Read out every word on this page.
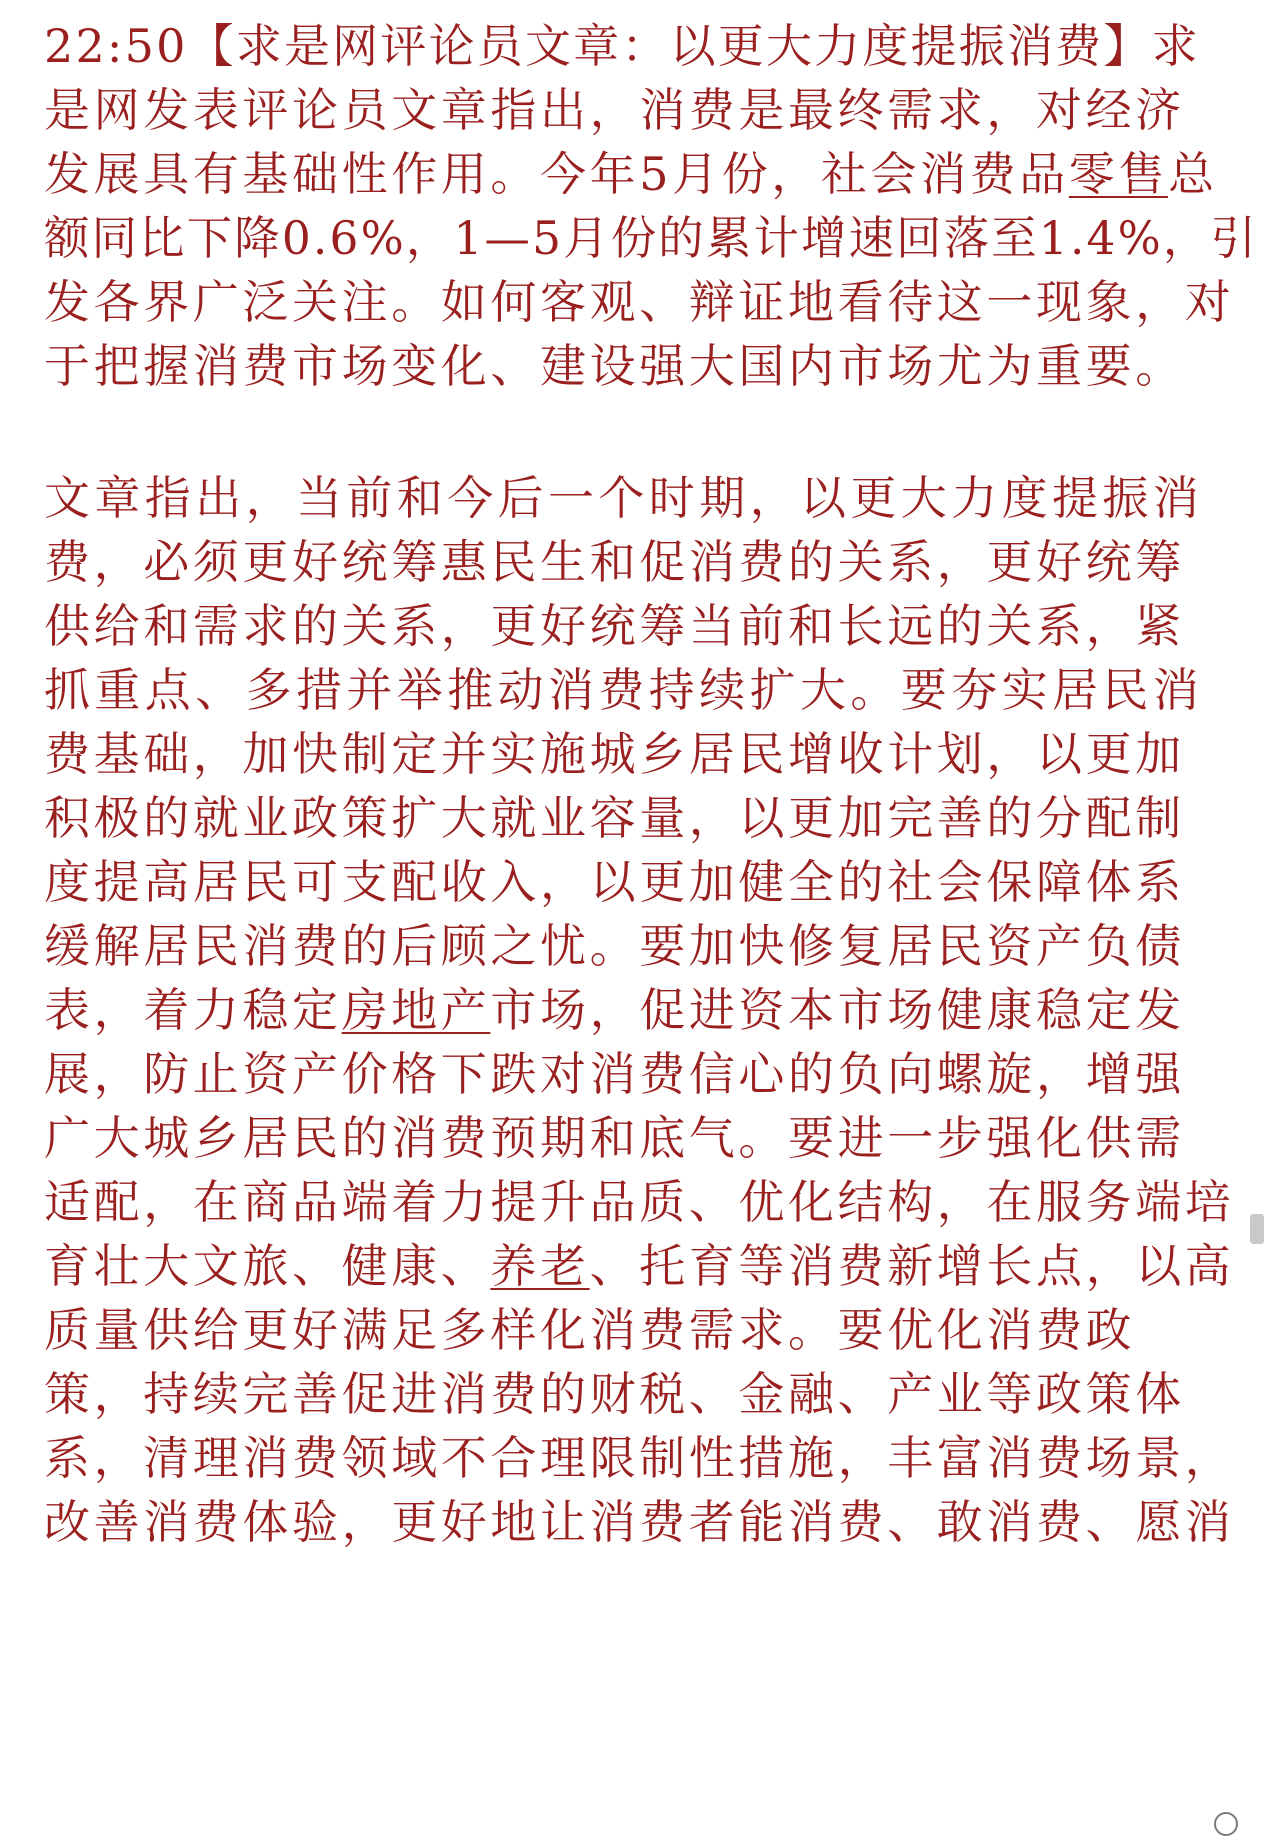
22:50【求是网评论员文章：以更大力度提振消费】求

是网发表评论员文章指出，消费是最终需求，对经济

发展具有基础性作用。今年5月份，社会消费品零售总

额同比下降0.6%，1—5月份的累计增速回落至1.4%，引

发各界广泛关注。如何客观、辩证地看待这一现象，对

于把握消费市场变化、建设强大国内市场尤为重要。

文章指出，当前和今后一个时期，以更大力度提振消

费，必须更好统筹惠民生和促消费的关系，更好统筹

供给和需求的关系，更好统筹当前和长远的关系，紧

抓重点、多措并举推动消费持续扩大。要夯实居民消

费基础，加快制定并实施城乡居民增收计划，以更加

积极的就业政策扩大就业容量，以更加完善的分配制

度提高居民可支配收入，以更加健全的社会保障体系

缓解居民消费的后顾之忧。要加快修复居民资产负债

表，着力稳定房地产市场，促进资本市场健康稳定发

展，防止资产价格下跌对消费信心的负向螺旋，增强

广大城乡居民的消费预期和底气。要进一步强化供需

适配，在商品端着力提升品质、优化结构，在服务端培

育壮大文旅、健康、养老、托育等消费新增长点，以高

质量供给更好满足多样化消费需求。要优化消费政

策，持续完善促进消费的财税、金融、产业等政策体

系，清理消费领域不合理限制性措施，丰富消费场景，

改善消费体验，更好地让消费者能消费、敢消费、愿消
